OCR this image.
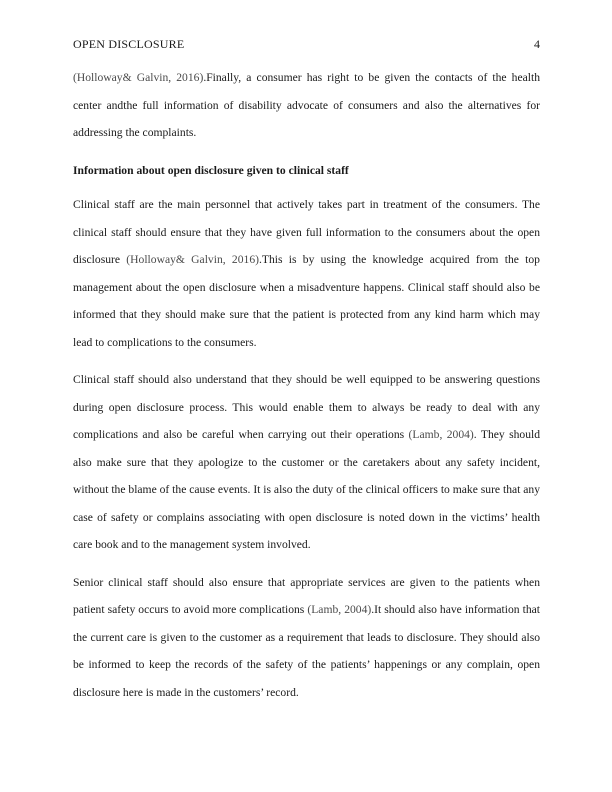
OPEN DISCLOSURE	4

(Holloway& Galvin, 2016).Finally, a consumer has right to be given the contacts of the health center andthe full information of disability advocate of consumers and also the alternatives for addressing the complaints.

Information about open disclosure given to clinical staff

Clinical staff are the main personnel that actively takes part in treatment of the consumers. The clinical staff should ensure that they have given full information to the consumers about the open disclosure (Holloway& Galvin, 2016).This is by using the knowledge acquired from the top management about the open disclosure when a misadventure happens. Clinical staff should also be informed that they should make sure that the patient is protected from any kind harm which may lead to complications to the consumers.

Clinical staff should also understand that they should be well equipped to be answering questions during open disclosure process. This would enable them to always be ready to deal with any complications and also be careful when carrying out their operations (Lamb, 2004). They should also make sure that they apologize to the customer or the caretakers about any safety incident, without the blame of the cause events. It is also the duty of the clinical officers to make sure that any case of safety or complains associating with open disclosure is noted down in the victims’ health care book and to the management system involved.

Senior clinical staff should also ensure that appropriate services are given to the patients when patient safety occurs to avoid more complications (Lamb, 2004).It should also have information that the current care is given to the customer as a requirement that leads to disclosure. They should also be informed to keep the records of the safety of the patients’ happenings or any complain, open disclosure here is made in the customers’ record.
